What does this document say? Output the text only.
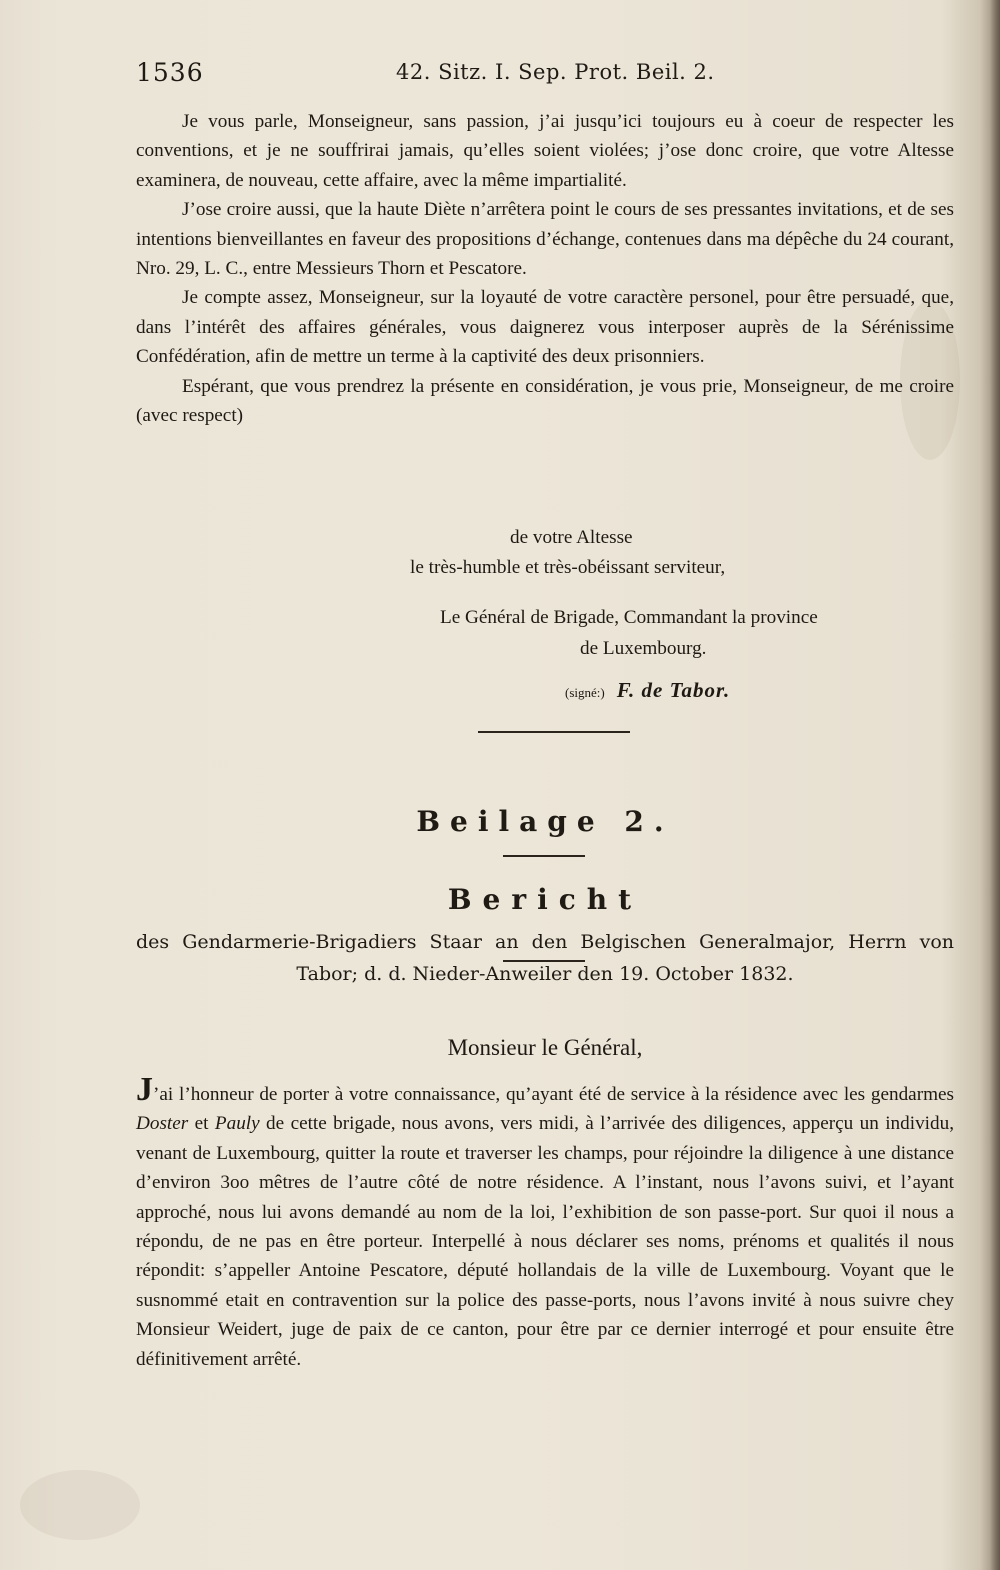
1536	42. Sitz. I. Sep. Prot. Beil. 2.

Je vous parle, Monseigneur, sans passion, j’ai jusqu’ici toujours eu à coeur de respecter les conventions, et je ne souffrirai jamais, qu’elles soient violées; j’ose donc croire, que votre Altesse examinera, de nouveau, cette affaire, avec la même impartialité.

J’ose croire aussi, que la haute Diète n’arrêtera point le cours de ses pressantes invitations, et de ses intentions bienveillantes en faveur des propositions d’échange, contenues dans ma dépêche du 24 courant, Nro. 29, L. C., entre Messieurs Thorn et Pescatore.

Je compte assez, Monseigneur, sur la loyauté de votre caractère personel, pour être persuadé, que, dans l’intérêt des affaires générales, vous daignerez vous interposer auprès de la Sérénissime Confédération, afin de mettre un terme à la captivité des deux prisonniers.

Espérant, que vous prendrez la présente en considération, je vous prie, Monseigneur, de me croire (avec respect)

de votre Altesse
le très-humble et très-obéissant serviteur,
Le Général de Brigade, Commandant la province
de Luxembourg.
(signé:) F. de Tabor.
Beilage 2.
Bericht
des Gendarmerie-Brigadiers Staar an den Belgischen Generalmajor, Herrn von Tabor; d. d. Nieder-Anweiler den 19. October 1832.
Monsieur le Général,

J’ai l’honneur de porter à votre connaissance, qu’ayant été de service à la résidence avec les gendarmes Doster et Pauly de cette brigade, nous avons, vers midi, à l’arrivée des diligences, apperçu un individu, venant de Luxembourg, quitter la route et traverser les champs, pour réjoindre la diligence à une distance d’environ 3oo mêtres de l’autre côté de notre résidence. A l’instant, nous l’avons suivi, et l’ayant approché, nous lui avons demandé au nom de la loi, l’exhibition de son passe-port. Sur quoi il nous a répondu, de ne pas en être porteur. Interpellé à nous déclarer ses noms, prénoms et qualités il nous répondit: s’appeller Antoine Pescatore, député hollandais de la ville de Luxembourg. Voyant que le susnommé etait en contravention sur la police des passe-ports, nous l’avons invité à nous suivre chey Monsieur Weidert, juge de paix de ce canton, pour être par ce dernier interrogé et pour ensuite être définitivement arrêté.
